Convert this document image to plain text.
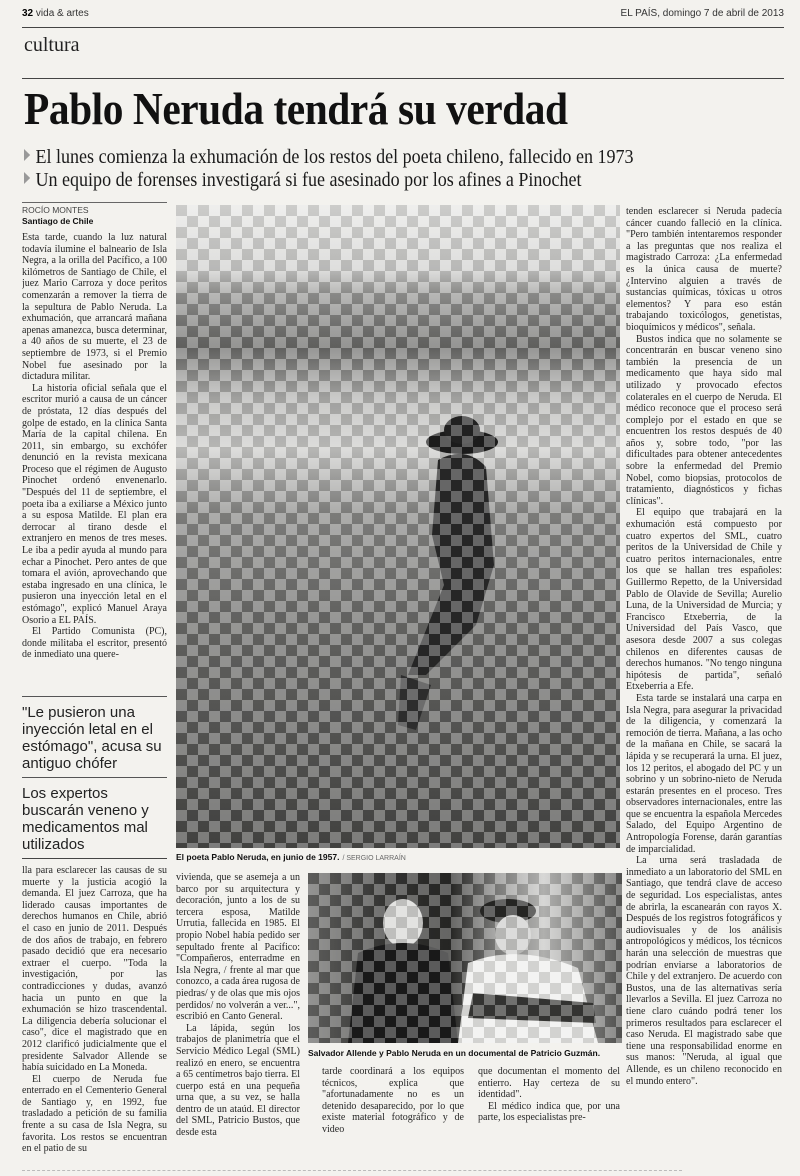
32 vida & artes	EL PAÍS, domingo 7 de abril de 2013
cultura
Pablo Neruda tendrá su verdad
El lunes comienza la exhumación de los restos del poeta chileno, fallecido en 1973
Un equipo de forenses investigará si fue asesinado por los afines a Pinochet
ROCÍO MONTES
Santiago de Chile

Esta tarde, cuando la luz natural todavía ilumine el balneario de Isla Negra, a la orilla del Pacífico, a 100 kilómetros de Santiago de Chile, el juez Mario Carroza y doce peritos comenzarán a remover la tierra de la sepultura de Pablo Neruda. La exhumación, que arrancará mañana apenas amanezca, busca determinar, a 40 años de su muerte, el 23 de septiembre de 1973, si el Premio Nobel fue asesinado por la dictadura militar.

La historia oficial señala que el escritor murió a causa de un cáncer de próstata, 12 días después del golpe de estado, en la clínica Santa María de la capital chilena. En 2011, sin embargo, su exchófer denunció en la revista mexicana Proceso que el régimen de Augusto Pinochet ordenó envenenarlo. "Después del 11 de septiembre, el poeta iba a exiliarse a México junto a su esposa Matilde. El plan era derrocar al tirano desde el extranjero en menos de tres meses. Le iba a pedir ayuda al mundo para echar a Pinochet. Pero antes de que tomara el avión, aprovechando que estaba ingresado en una clínica, le pusieron una inyección letal en el estómago", explicó Manuel Araya Osorio a EL PAÍS.

El Partido Comunista (PC), donde militaba el escritor, presentó de inmediato una quere-

"Le pusieron una inyección letal en el estómago", acusa su antiguo chófer
Los expertos buscarán veneno y medicamentos mal utilizados

lla para esclarecer las causas de su muerte y la justicia acogió la demanda. El juez Carroza, que ha liderado causas importantes de derechos humanos en Chile, abrió el caso en junio de 2011. Después de dos años de trabajo, en febrero pasado decidió que era necesario extraer el cuerpo. "Toda la investigación, por las contradicciones y dudas, avanzó hacia un punto en que la exhumación se hizo trascendental. La diligencia debería solucionar el caso", dice el magistrado que en 2012 clarificó judicialmente que el presidente Salvador Allende se había suicidado en La Moneda.

El cuerpo de Neruda fue enterrado en el Cementerio General de Santiago y, en 1992, fue trasladado a petición de su familia frente a su casa de Isla Negra, su favorita. Los restos se encuentran en el patio de su

El poeta Pablo Neruda, en junio de 1957. / SERGIO LARRAÍN

vivienda, que se asemeja a un barco por su arquitectura y decoración, junto a los de su tercera esposa, Matilde Urrutia, fallecida en 1985. El propio Nobel había pedido ser sepultado frente al Pacífico: "Compañeros, enterradme en Isla Negra, / frente al mar que conozco, a cada área rugosa de piedras/ y de olas que mis ojos perdidos/ no volverán a ver...", escribió en Canto General.

La lápida, según los trabajos de planimetría que el Servicio Médico Legal (SML) realizó en enero, se encuentra a 65 centímetros bajo tierra. El cuerpo está en una pequeña urna que, a su vez, se halla dentro de un ataúd. El director del SML, Patricio Bustos, que desde esta

Salvador Allende y Pablo Neruda en un documental de Patricio Guzmán.

tarde coordinará a los equipos técnicos, explica que "afortunadamente no es un detenido desaparecido, por lo que existe material fotográfico y de video

que documentan el momento del entierro. Hay certeza de su identidad".

El médico indica que, por una parte, los especialistas pre-

tenden esclarecer si Neruda padecía cáncer cuando falleció en la clínica. "Pero también intentaremos responder a las preguntas que nos realiza el magistrado Carroza: ¿La enfermedad es la única causa de muerte? ¿Intervino alguien a través de sustancias químicas, tóxicas u otros elementos? Y para eso están trabajando toxicólogos, genetistas, bioquímicos y médicos", señala.

Bustos indica que no solamente se concentrarán en buscar veneno sino también la presencia de un medicamento que haya sido mal utilizado y provocado efectos colaterales en el cuerpo de Neruda. El médico reconoce que el proceso será complejo por el estado en que se encuentren los restos después de 40 años y, sobre todo, "por las dificultades para obtener antecedentes sobre la enfermedad del Premio Nobel, como biopsias, protocolos de tratamiento, diagnósticos y fichas clínicas".

El equipo que trabajará en la exhumación está compuesto por cuatro expertos del SML, cuatro peritos de la Universidad de Chile y cuatro peritos internacionales, entre los que se hallan tres españoles: Guillermo Repetto, de la Universidad Pablo de Olavide de Sevilla; Aurelio Luna, de la Universidad de Murcia; y Francisco Etxeberria, de la Universidad del País Vasco, que asesora desde 2007 a sus colegas chilenos en diferentes causas de derechos humanos. "No tengo ninguna hipótesis de partida", señaló Etxeberria a Efe.

Esta tarde se instalará una carpa en Isla Negra, para asegurar la privacidad de la diligencia, y comenzará la remoción de tierra. Mañana, a las ocho de la mañana en Chile, se sacará la lápida y se recuperará la urna. El juez, los 12 peritos, el abogado del PC y un sobrino y un sobrino-nieto de Neruda estarán presentes en el proceso. Tres observadores internacionales, entre las que se encuentra la española Mercedes Salado, del Equipo Argentino de Antropología Forense, darán garantías de imparcialidad.

La urna será trasladada de inmediato a un laboratorio del SML en Santiago, que tendrá clave de acceso de seguridad. Los especialistas, antes de abrirla, la escanearán con rayos X. Después de los registros fotográficos y audiovisuales y de los análisis antropológicos y médicos, los técnicos harán una selección de muestras que podrían enviarse a laboratorios de Chile y del extranjero. De acuerdo con Bustos, una de las alternativas sería llevarlos a Sevilla. El juez Carroza no tiene claro cuándo podrá tener los primeros resultados para esclarecer el caso Neruda. El magistrado sabe que tiene una responsabilidad enorme en sus manos: "Neruda, al igual que Allende, es un chileno reconocido en el mundo entero".
